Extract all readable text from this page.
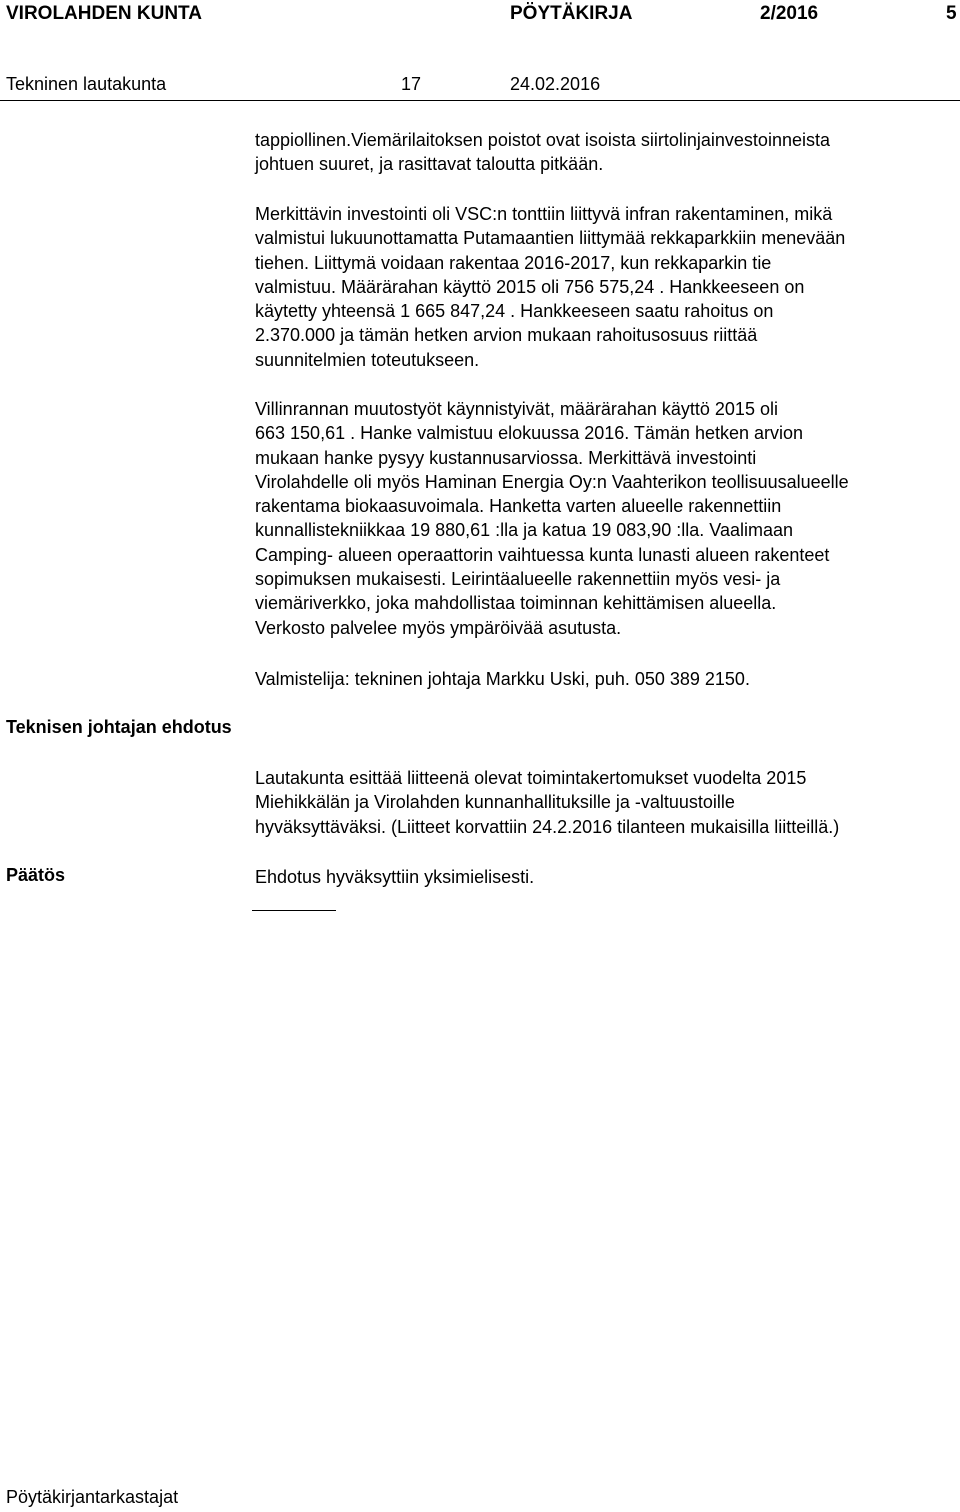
VIROLAHDEN KUNTA	PÖYTÄKIRJA	2/2016	5
Tekninen lautakunta	17	24.02.2016
tappiollinen.Viemärilaitoksen poistot ovat isoista siirtolinjainvestoinneista
johtuen suuret, ja rasittavat taloutta pitkään.
Merkittävin investointi oli VSC:n tonttiin liittyvä infran rakentaminen, mikä
valmistui lukuunottamatta Putamaantien liittymää rekkaparkkiin menevään
tiehen. Liittymä voidaan rakentaa 2016-2017, kun rekkaparkin tie
valmistuu. Määrärahan käyttö 2015 oli 756 575,24 . Hankkeeseen on
käytetty yhteensä 1 665 847,24 . Hankkeeseen saatu rahoitus on
2.370.000 ja tämän hetken arvion mukaan rahoitusosuus riittää
suunnitelmien toteutukseen.
Villinrannan muutostyöt käynnistyivät, määrärahan käyttö 2015 oli
663 150,61 . Hanke valmistuu elokuussa 2016. Tämän hetken arvion
mukaan hanke pysyy kustannusarviossa. Merkittävä investointi
Virolahdelle oli myös Haminan Energia Oy:n Vaahterikon teollisuusalueelle
rakentama biokaasuvoimala. Hanketta varten alueelle rakennettiin
kunnallistekniikkaa 19 880,61 :lla ja katua 19 083,90 :lla. Vaalimaan
Camping- alueen operaattorin vaihtuessa kunta lunasti alueen rakenteet
sopimuksen mukaisesti. Leirintäalueelle rakennettiin myös vesi- ja
viemäriverkko, joka mahdollistaa toiminnan kehittämisen alueella.
Verkosto palvelee myös ympäröivää asutusta.
Valmistelija: tekninen johtaja Markku Uski, puh. 050 389 2150.
Teknisen johtajan ehdotus
Lautakunta esittää liitteenä olevat toimintakertomukset vuodelta 2015
Miehikkälän ja Virolahden kunnanhallituksille ja -valtuustoille
hyväksyttäväksi. (Liitteet korvattiin 24.2.2016 tilanteen mukaisilla liitteillä.)
Päätös	Ehdotus hyväksyttiin yksimielisesti.
Pöytäkirjantarkastajat
